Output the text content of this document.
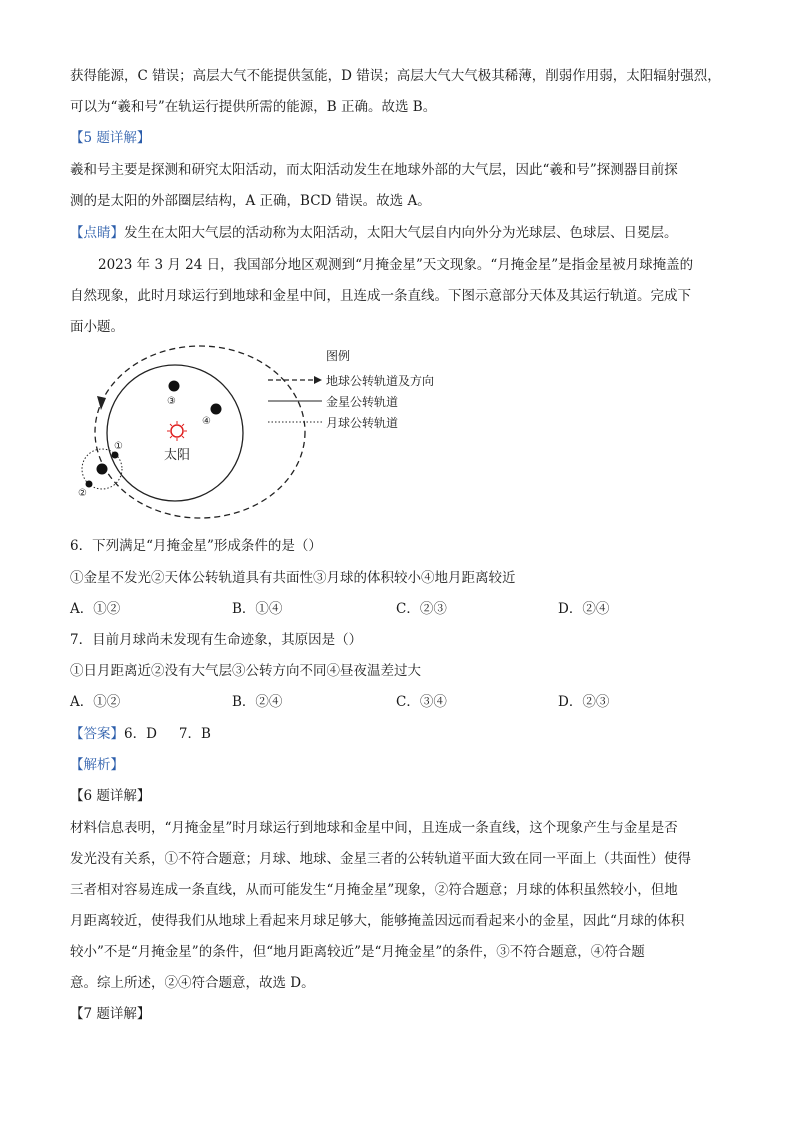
获得能源，C 错误；高层大气不能提供氢能，D 错误；高层大气大气极其稀薄，削弱作用弱，太阳辐射强烈，
可以为“羲和号”在轨运行提供所需的能源，B 正确。故选 B。
【5 题详解】
羲和号主要是探测和研究太阳活动，而太阳活动发生在地球外部的大气层，因此“羲和号”探测器目前探
测的是太阳的外部圈层结构，A 正确，BCD 错误。故选 A。
【点睛】发生在太阳大气层的活动称为太阳活动，太阳大气层自内向外分为光球层、色球层、日冕层。
2023 年 3 月 24 日，我国部分地区观测到“月掩金星”天文现象。“月掩金星”是指金星被月球掩盖的
自然现象，此时月球运行到地球和金星中间，且连成一条直线。下图示意部分天体及其运行轨道。完成下
面小题。
太阳
③
④
①
②
图例
地球公转轨道及方向
金星公转轨道
月球公转轨道
6．下列满足“月掩金星”形成条件的是（）
①金星不发光②天体公转轨道具有共面性③月球的体积较小④地月距离较近
A．①②	B．①④	C．②③	D．②④
7．目前月球尚未发现有生命迹象，其原因是（）
①日月距离近②没有大气层③公转方向不同④昼夜温差过大
A．①②	B．②④	C．③④	D．②③
【答案】6．D 7．B
【解析】
【6 题详解】
材料信息表明，“月掩金星”时月球运行到地球和金星中间，且连成一条直线，这个现象产生与金星是否
发光没有关系，①不符合题意；月球、地球、金星三者的公转轨道平面大致在同一平面上（共面性）使得
三者相对容易连成一条直线，从而可能发生“月掩金星”现象，②符合题意；月球的体积虽然较小，但地
月距离较近，使得我们从地球上看起来月球足够大，能够掩盖因远而看起来小的金星，因此“月球的体积
较小”不是“月掩金星”的条件，但“地月距离较近”是“月掩金星”的条件，③不符合题意，④符合题
意。综上所述，②④符合题意，故选 D。
【7 题详解】
